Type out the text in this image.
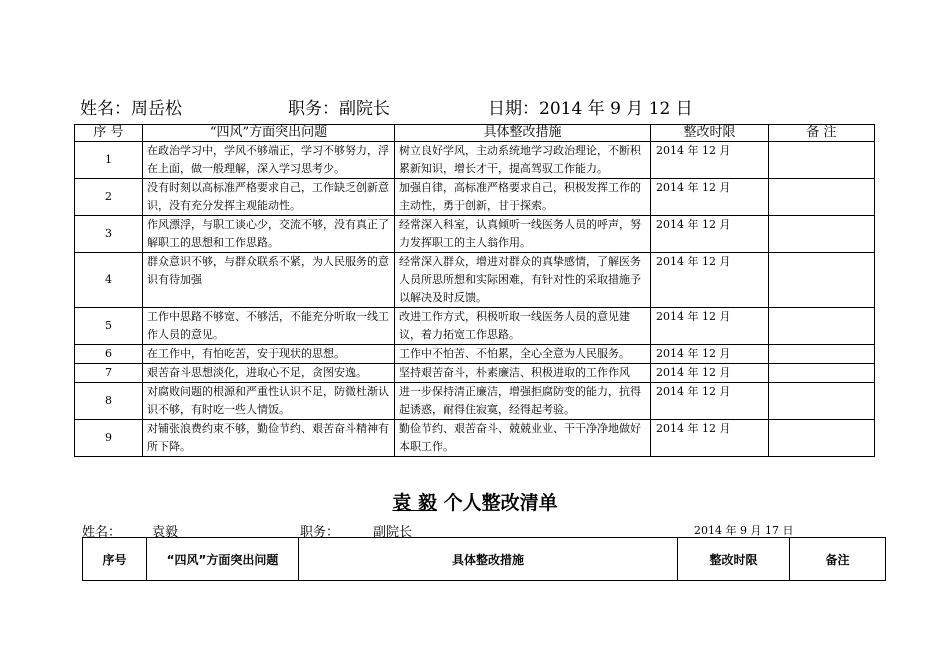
姓名：周岳松	职务：副院长	日期：2014 年 9 月 12 日
序 号	“四风”方面突出问题	具体整改措施	整改时限	备 注
1	在政治学习中，学风不够端正，学习不够努力，浮在上面，做一般理解，深入学习思考少。	树立良好学风，主动系统地学习政治理论，不断积累新知识，增长才干，提高驾驭工作能力。	2014 年 12 月	
2	没有时刻以高标准严格要求自己，工作缺乏创新意识，没有充分发挥主观能动性。	加强自律，高标准严格要求自己，积极发挥工作的主动性，勇于创新，甘于探索。	2014 年 12 月	
3	作风漂浮，与职工谈心少，交流不够，没有真正了解职工的思想和工作思路。	经常深入科室，认真倾听一线医务人员的呼声，努力发挥职工的主人翁作用。	2014 年 12 月	
4	群众意识不够，与群众联系不紧，为人民服务的意识有待加强	经常深入群众，增进对群众的真挚感情，了解医务人员所思所想和实际困难，有针对性的采取措施予以解决及时反馈。	2014 年 12 月	
5	工作中思路不够宽、不够活，不能充分听取一线工作人员的意见。	改进工作方式，积极听取一线医务人员的意见建议，着力拓宽工作思路。	2014 年 12 月	
6	在工作中，有怕吃苦，安于现状的思想。	工作中不怕苦、不怕累，全心全意为人民服务。	2014 年 12 月	
7	艰苦奋斗思想淡化，进取心不足，贪图安逸。	坚持艰苦奋斗，朴素廉洁、积极进取的工作作风	2014 年 12 月	
8	对腐败问题的根源和严重性认识不足，防微杜渐认识不够，有时吃一些人情饭。	进一步保持清正廉洁，增强拒腐防变的能力，抗得起诱惑，耐得住寂寞，经得起考验。	2014 年 12 月	
9	对铺张浪费约束不够，勤俭节约、艰苦奋斗精神有所下降。	勤俭节约、艰苦奋斗、兢兢业业、干干净净地做好本职工作。	2014 年 12 月	
袁 毅 个人整改清单
姓名： 袁毅	职务：	副院长	2014 年 9 月 17 日
序号	“四风”方面突出问题	具体整改措施	整改时限	备注
